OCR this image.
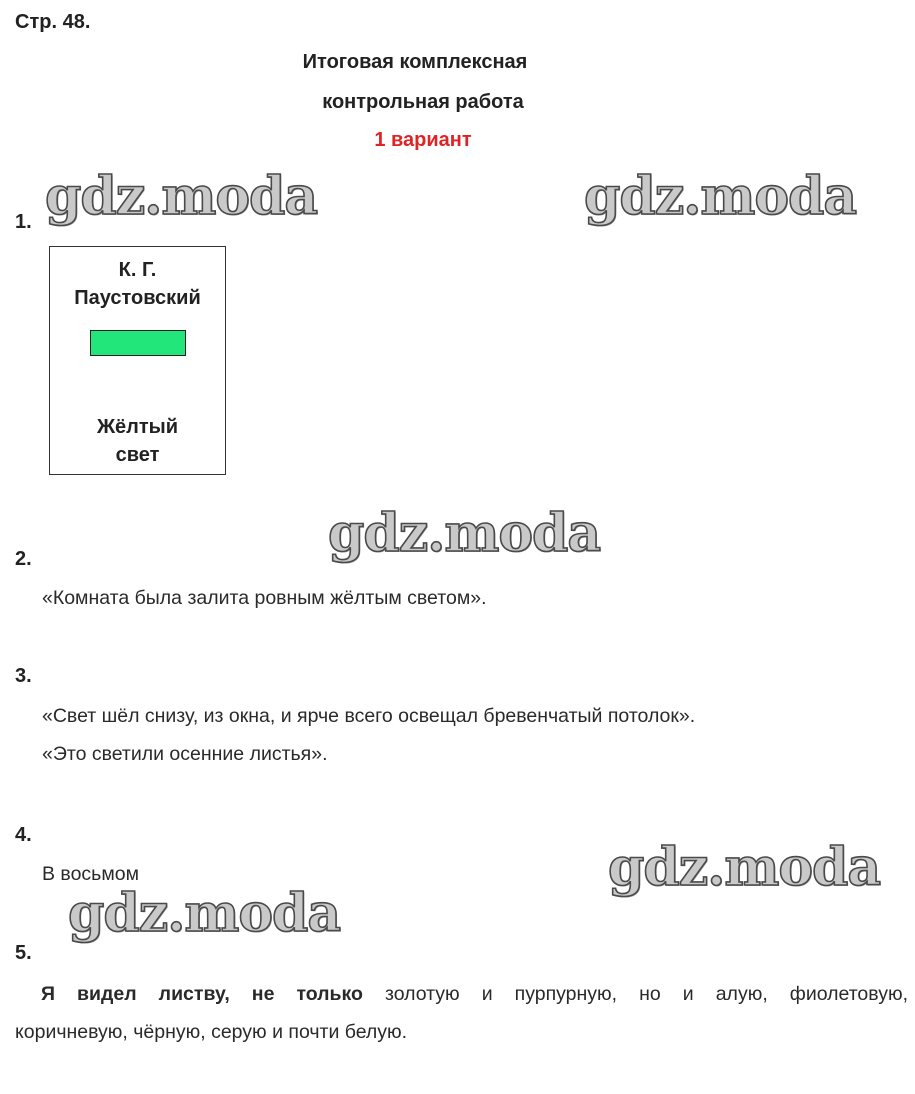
Стр. 48.
Итоговая комплексная
контрольная работа
1 вариант
gdz.moda	gdz.moda
gdz.moda
gdz.moda
gdz.moda
1.
К. Г.
Паустовский
Жёлтый
свет
2.
«Комната была залита ровным жёлтым светом».
3.
«Свет шёл снизу, из окна, и ярче всего освещал бревенчатый потолок».
«Это светили осенние листья».
4.
В восьмом
5.
Я видел листву, не только золотую и пурпурную, но и алую, фиолетовую,
коричневую, чёрную, серую и почти белую.
